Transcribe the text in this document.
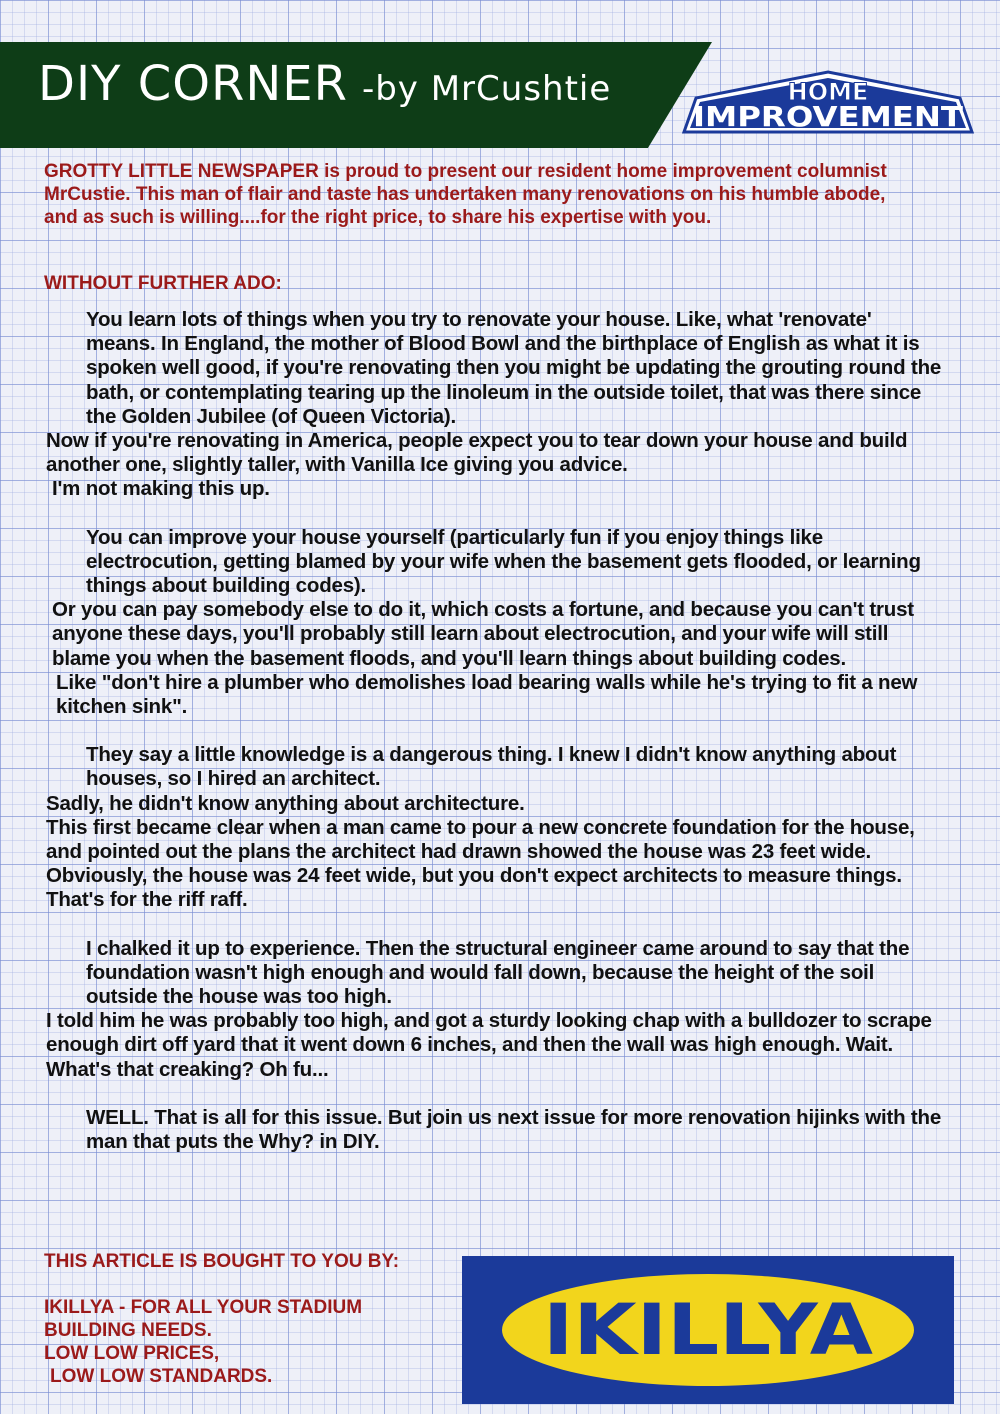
DIY CORNER -by MrCushtie	HOME
IMPROVEMENT
GROTTY LITTLE NEWSPAPER is proud to present our resident home improvement columnist MrCustie. This man of flair and taste has undertaken many renovations on his humble abode, and as such is willing....for the right price, to share his expertise with you.
WITHOUT FURTHER ADO:

You learn lots of things when you try to renovate your house. Like, what 'renovate' means. In England, the mother of Blood Bowl and the birthplace of English as what it is spoken well good, if you're renovating then you might be updating the grouting round the bath, or contemplating tearing up the linoleum in the outside toilet, that was there since the Golden Jubilee (of Queen Victoria).
Now if you're renovating in America, people expect you to tear down your house and build another one, slightly taller, with Vanilla Ice giving you advice.
I'm not making this up.

You can improve your house yourself (particularly fun if you enjoy things like electrocution, getting blamed by your wife when the basement gets flooded, or learning things about building codes).
Or you can pay somebody else to do it, which costs a fortune, and because you can't trust anyone these days, you'll probably still learn about electrocution, and your wife will still blame you when the basement floods, and you'll learn things about building codes.
Like "don't hire a plumber who demolishes load bearing walls while he's trying to fit a new kitchen sink".

They say a little knowledge is a dangerous thing. I knew I didn't know anything about houses, so I hired an architect.
Sadly, he didn't know anything about architecture.
This first became clear when a man came to pour a new concrete foundation for the house, and pointed out the plans the architect had drawn showed the house was 23 feet wide.
Obviously, the house was 24 feet wide, but you don't expect architects to measure things. That's for the riff raff.

I chalked it up to experience. Then the structural engineer came around to say that the foundation wasn't high enough and would fall down, because the height of the soil outside the house was too high.
I told him he was probably too high, and got a sturdy looking chap with a bulldozer to scrape enough dirt off yard that it went down 6 inches, and then the wall was high enough. Wait. What's that creaking? Oh fu...

WELL. That is all for this issue. But join us next issue for more renovation hijinks with the man that puts the Why? in DIY.

THIS ARTICLE IS BOUGHT TO YOU BY:
IKILLYA - FOR ALL YOUR STADIUM
BUILDING NEEDS.
LOW LOW PRICES,
LOW LOW STANDARDS.
IKILLYA
